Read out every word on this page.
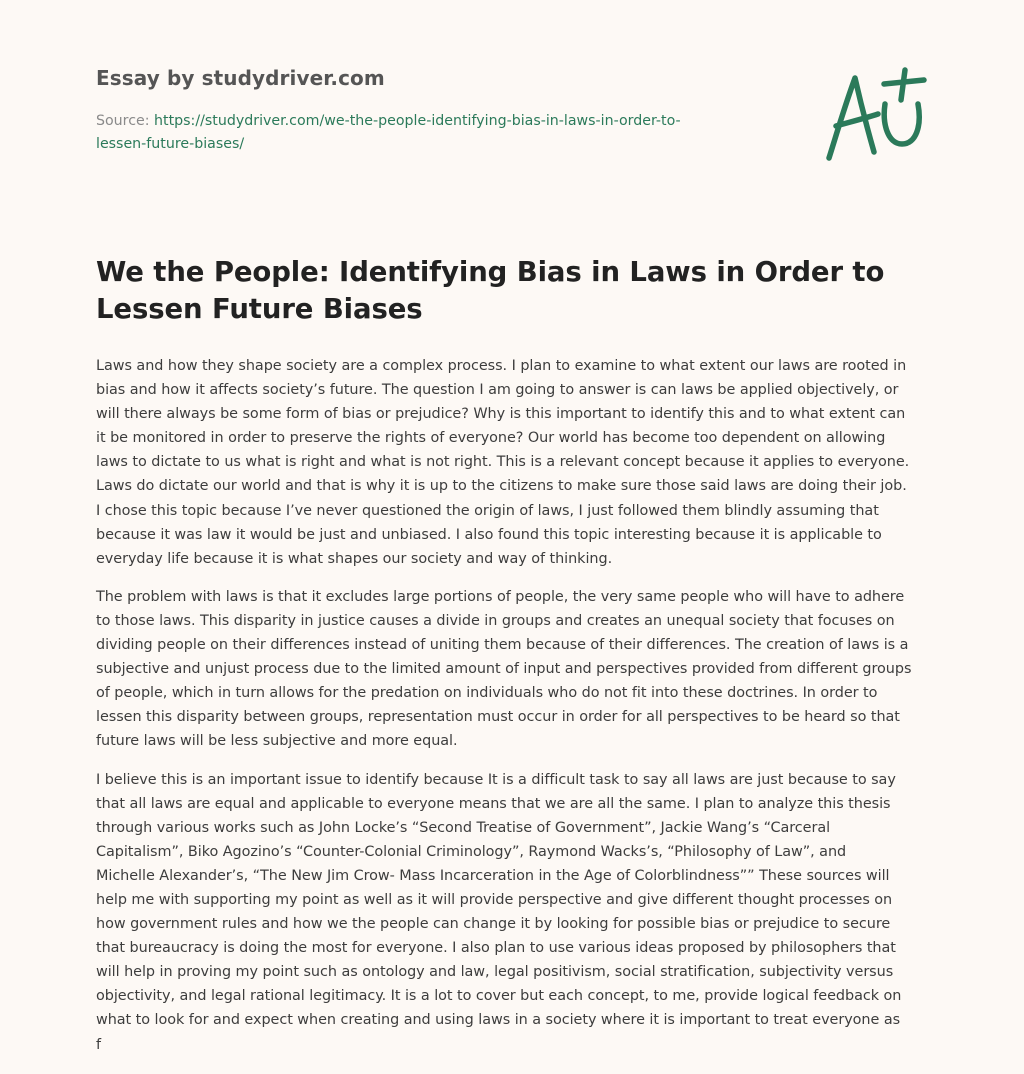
Essay by studydriver.com
Source: https://studydriver.com/we-the-people-identifying-bias-in-laws-in-order-to-
lessen-future-biases/
We the People: Identifying Bias in Laws in Order to
Lessen Future Biases

Laws and how they shape society are a complex process. I plan to examine to what extent our laws are rooted in
bias and how it affects society’s future. The question I am going to answer is can laws be applied objectively, or
will there always be some form of bias or prejudice? Why is this important to identify this and to what extent can
it be monitored in order to preserve the rights of everyone? Our world has become too dependent on allowing
laws to dictate to us what is right and what is not right. This is a relevant concept because it applies to everyone.
Laws do dictate our world and that is why it is up to the citizens to make sure those said laws are doing their job.
I chose this topic because I’ve never questioned the origin of laws, I just followed them blindly assuming that
because it was law it would be just and unbiased. I also found this topic interesting because it is applicable to
everyday life because it is what shapes our society and way of thinking.

The problem with laws is that it excludes large portions of people, the very same people who will have to adhere
to those laws. This disparity in justice causes a divide in groups and creates an unequal society that focuses on
dividing people on their differences instead of uniting them because of their differences. The creation of laws is a
subjective and unjust process due to the limited amount of input and perspectives provided from different groups
of people, which in turn allows for the predation on individuals who do not fit into these doctrines. In order to
lessen this disparity between groups, representation must occur in order for all perspectives to be heard so that
future laws will be less subjective and more equal.

I believe this is an important issue to identify because It is a difficult task to say all laws are just because to say
that all laws are equal and applicable to everyone means that we are all the same. I plan to analyze this thesis
through various works such as John Locke’s “Second Treatise of Government”, Jackie Wang’s “Carceral
Capitalism”, Biko Agozino’s “Counter-Colonial Criminology”, Raymond Wacks’s, “Philosophy of Law”, and
Michelle Alexander’s, “The New Jim Crow- Mass Incarceration in the Age of Colorblindness”” These sources will
help me with supporting my point as well as it will provide perspective and give different thought processes on
how government rules and how we the people can change it by looking for possible bias or prejudice to secure
that bureaucracy is doing the most for everyone. I also plan to use various ideas proposed by philosophers that
will help in proving my point such as ontology and law, legal positivism, social stratification, subjectivity versus
objectivity, and legal rational legitimacy. It is a lot to cover but each concept, to me, provide logical feedback on
what to look for and expect when creating and using laws in a society where it is important to treat everyone as
f
